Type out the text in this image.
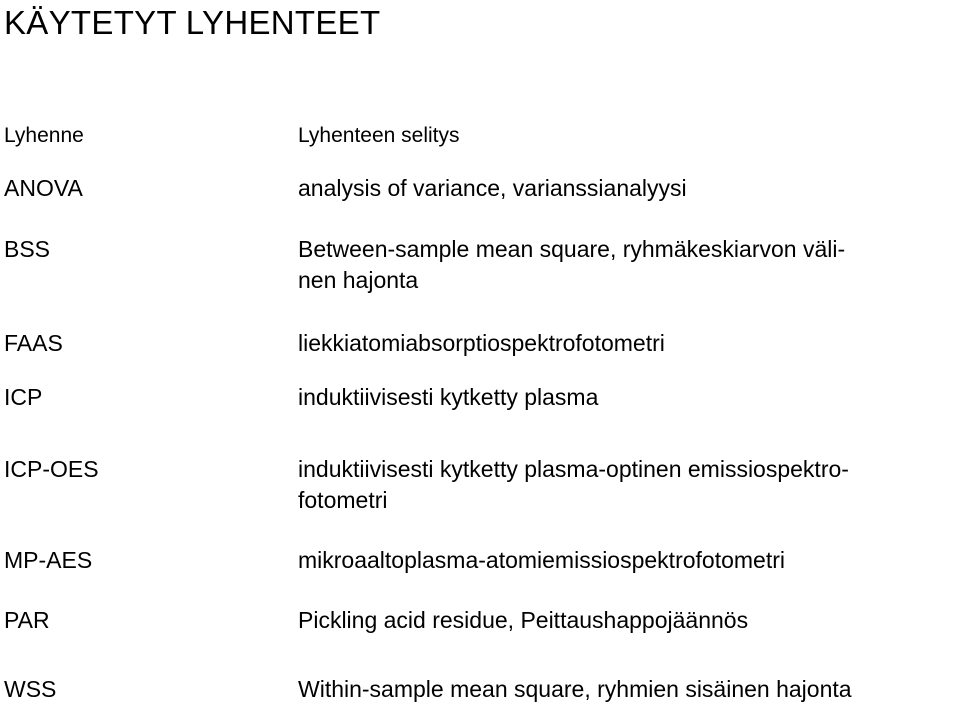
KÄYTETYT LYHENTEET
Lyhenne	Lyhenteen selitys
ANOVA	analysis of variance, varianssianalyysi
BSS	Between-sample mean square, ryhmäkeskiarvon väli-
nen hajonta
FAAS	liekkiatomiabsorptiospektrofotometri
ICP	induktiivisesti kytketty plasma
ICP-OES	induktiivisesti kytketty plasma-optinen emissiospektro-
fotometri
MP-AES	mikroaaltoplasma-atomiemissiospektrofotometri
PAR	Pickling acid residue, Peittaushappojäännös
WSS	Within-sample mean square, ryhmien sisäinen hajonta
